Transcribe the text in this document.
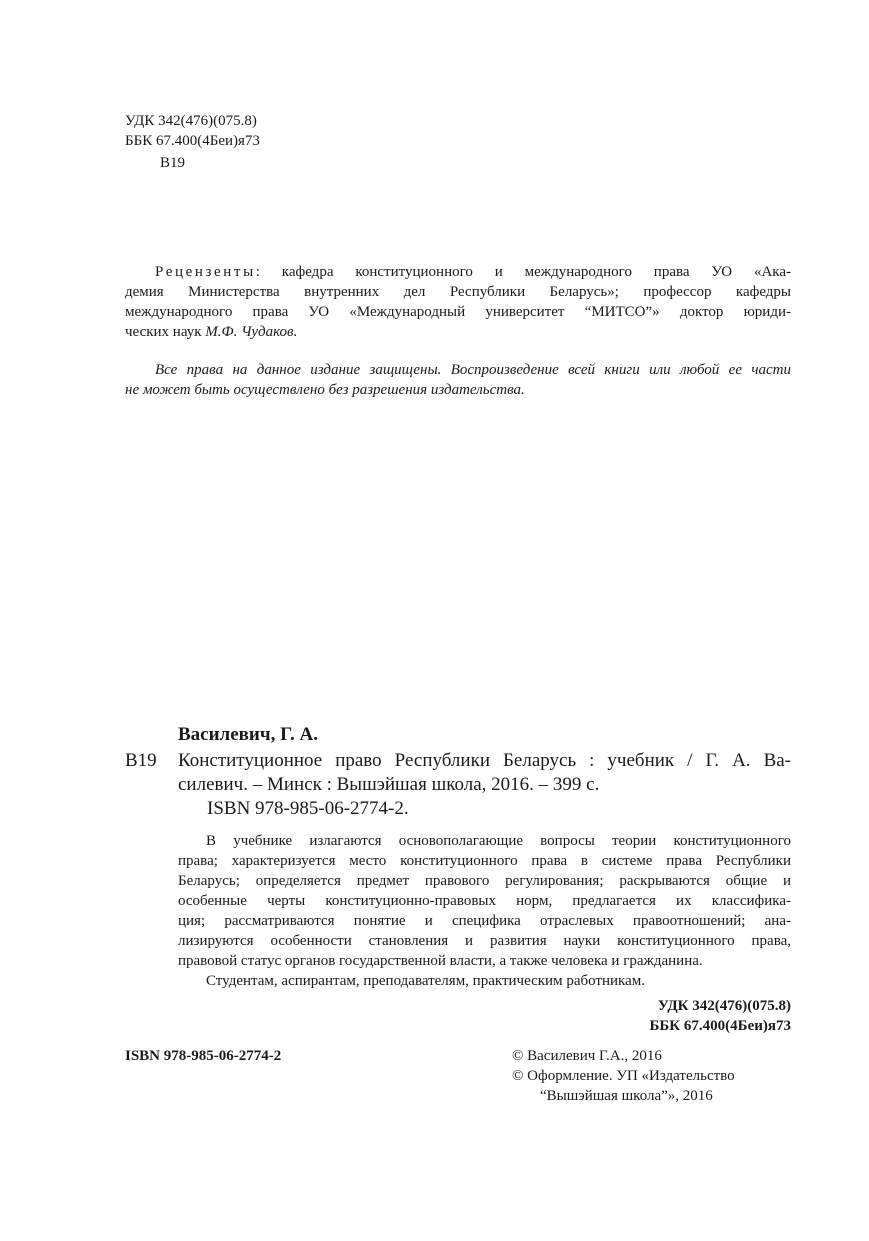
УДК 342(476)(075.8)
ББК 67.400(4Беи)я73
В19
Рецензенты: кафедра конституционного и международного права УО «Ака-
демия Министерства внутренних дел Республики Беларусь»; профессор кафедры
международного права УО «Международный университет “МИТСО”» доктор юриди-
ческих наук М.Ф. Чудаков.
Все права на данное издание защищены. Воспроизведение всей книги или любой ее части
не может быть осуществлено без разрешения издательства.
Василевич, Г. А.
В19 Конституционное право Республики Беларусь : учебник / Г. А. Ва-
силевич. – Минск : Вышэйшая школа, 2016. – 399 с.
ISBN 978-985-06-2774-2.
В учебнике излагаются основополагающие вопросы теории конституционного
права; характеризуется место конституционного права в системе права Республики
Беларусь; определяется предмет правового регулирования; раскрываются общие и
особенные черты конституционно-правовых норм, предлагается их классифика-
ция; рассматриваются понятие и специфика отраслевых правоотношений; ана-
лизируются особенности становления и развития науки конституционного права,
правовой статус органов государственной власти, а также человека и гражданина.
Студентам, аспирантам, преподавателям, практическим работникам.
УДК 342(476)(075.8)
ББК 67.400(4Беи)я73
ISBN 978-985-06-2774-2	© Василевич Г.А., 2016
© Оформление. УП «Издательство
“Вышэйшая школа”», 2016
